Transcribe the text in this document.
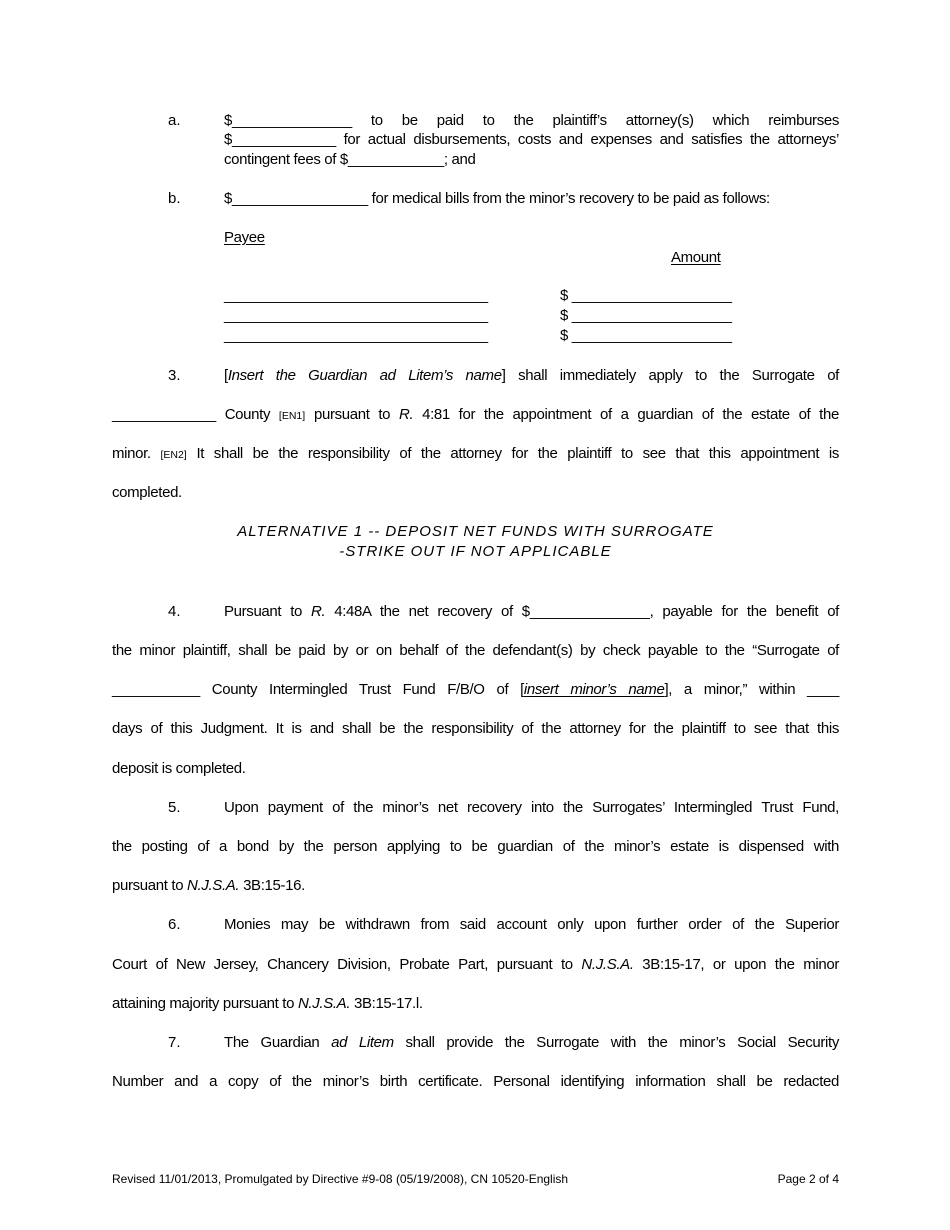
a.	$_______________ to be paid to the plaintiff’s attorney(s) which reimburses
$_____________ for actual disbursements, costs and expenses and satisfies the attorneys’
contingent fees of $____________; and
b.	$_________________ for medical bills from the minor’s recovery to be paid as follows:
Payee
Amount
_________________________________	$ ____________________
_________________________________	$ ____________________
_________________________________	$ ____________________
3.	[Insert the Guardian ad Litem’s name] shall immediately apply to the Surrogate of
_____________ County [EN1] pursuant to R. 4:81 for the appointment of a guardian of the estate of the
minor. [EN2] It shall be the responsibility of the attorney for the plaintiff to see that this appointment is
completed.
ALTERNATIVE 1 -- DEPOSIT NET FUNDS WITH SURROGATE
-STRIKE OUT IF NOT APPLICABLE
4.	Pursuant to R. 4:48A the net recovery of $_______________, payable for the benefit of
the minor plaintiff, shall be paid by or on behalf of the defendant(s) by check payable to the “Surrogate of
___________ County Intermingled Trust Fund F/B/O of [insert minor’s name], a minor,” within ____
days of this Judgment. It is and shall be the responsibility of the attorney for the plaintiff to see that this
deposit is completed.
5.	Upon payment of the minor’s net recovery into the Surrogates’ Intermingled Trust Fund,
the posting of a bond by the person applying to be guardian of the minor’s estate is dispensed with
pursuant to N.J.S.A. 3B:15-16.
6.	Monies may be withdrawn from said account only upon further order of the Superior
Court of New Jersey, Chancery Division, Probate Part, pursuant to N.J.S.A. 3B:15-17, or upon the minor
attaining majority pursuant to N.J.S.A. 3B:15-17.l.
7.	The Guardian ad Litem shall provide the Surrogate with the minor’s Social Security
Number and a copy of the minor’s birth certificate. Personal identifying information shall be redacted
Revised 11/01/2013, Promulgated by Directive #9-08 (05/19/2008), CN 10520-English	Page 2 of 4
